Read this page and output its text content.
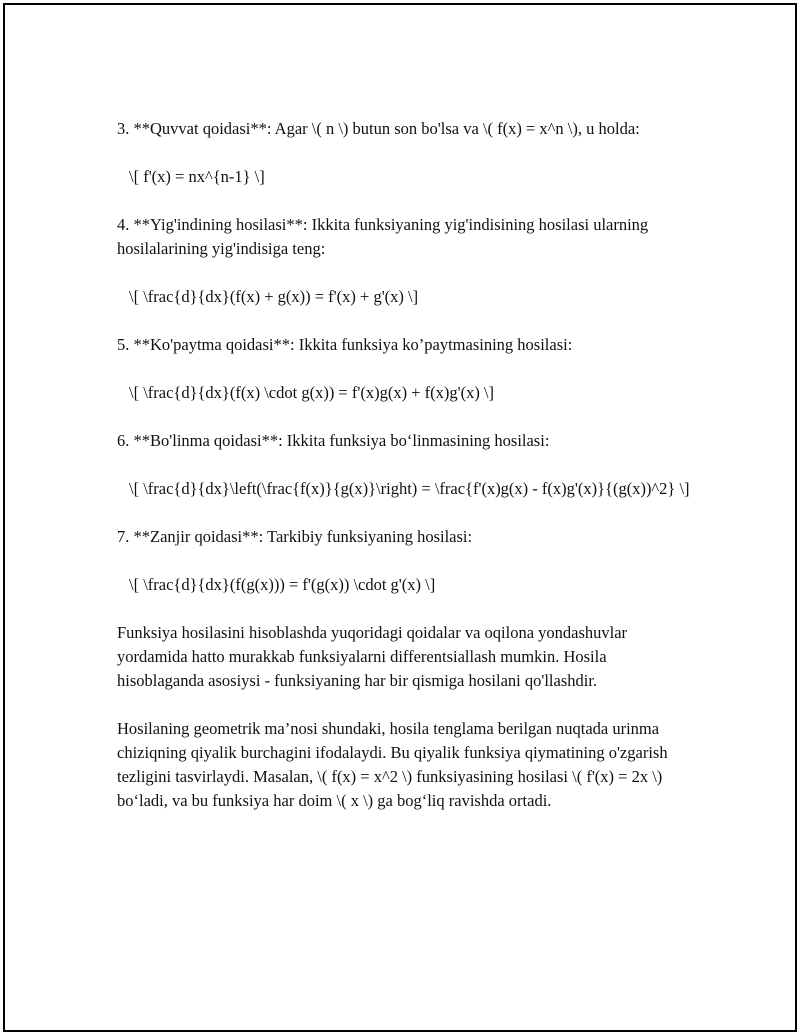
3. **Quvvat qoidasi**: Agar \( n \) butun son bo'lsa va \( f(x) = x^n \), u holda:

\[ f'(x) = nx^{n-1} \]

4. **Yig'indining hosilasi**: Ikkita funksiyaning yig'indisining hosilasi ularning hosilalarining yig'indisiga teng:

\[ \frac{d}{dx}(f(x) + g(x)) = f'(x) + g'(x) \]

5. **Ko'paytma qoidasi**: Ikkita funksiya ko’paytmasining hosilasi:

\[ \frac{d}{dx}(f(x) \cdot g(x)) = f'(x)g(x) + f(x)g'(x) \]

6. **Bo'linma qoidasi**: Ikkita funksiya bo‘linmasining hosilasi:

\[ \frac{d}{dx}\left(\frac{f(x)}{g(x)}\right) = \frac{f'(x)g(x) - f(x)g'(x)}{(g(x))^2} \]

7. **Zanjir qoidasi**: Tarkibiy funksiyaning hosilasi:

\[ \frac{d}{dx}(f(g(x))) = f'(g(x)) \cdot g'(x) \]

Funksiya hosilasini hisoblashda yuqoridagi qoidalar va oqilona yondashuvlar yordamida hatto murakkab funksiyalarni differentsiallash mumkin. Hosila hisoblaganda asosiysi - funksiyaning har bir qismiga hosilani qo'llashdir.

Hosilaning geometrik ma’nosi shundaki, hosila tenglama berilgan nuqtada urinma chiziqning qiyalik burchagini ifodalaydi. Bu qiyalik funksiya qiymatining o'zgarish tezligini tasvirlaydi. Masalan, \( f(x) = x^2 \) funksiyasining hosilasi \( f'(x) = 2x \) bo‘ladi, va bu funksiya har doim \( x \) ga bog‘liq ravishda ortadi.
